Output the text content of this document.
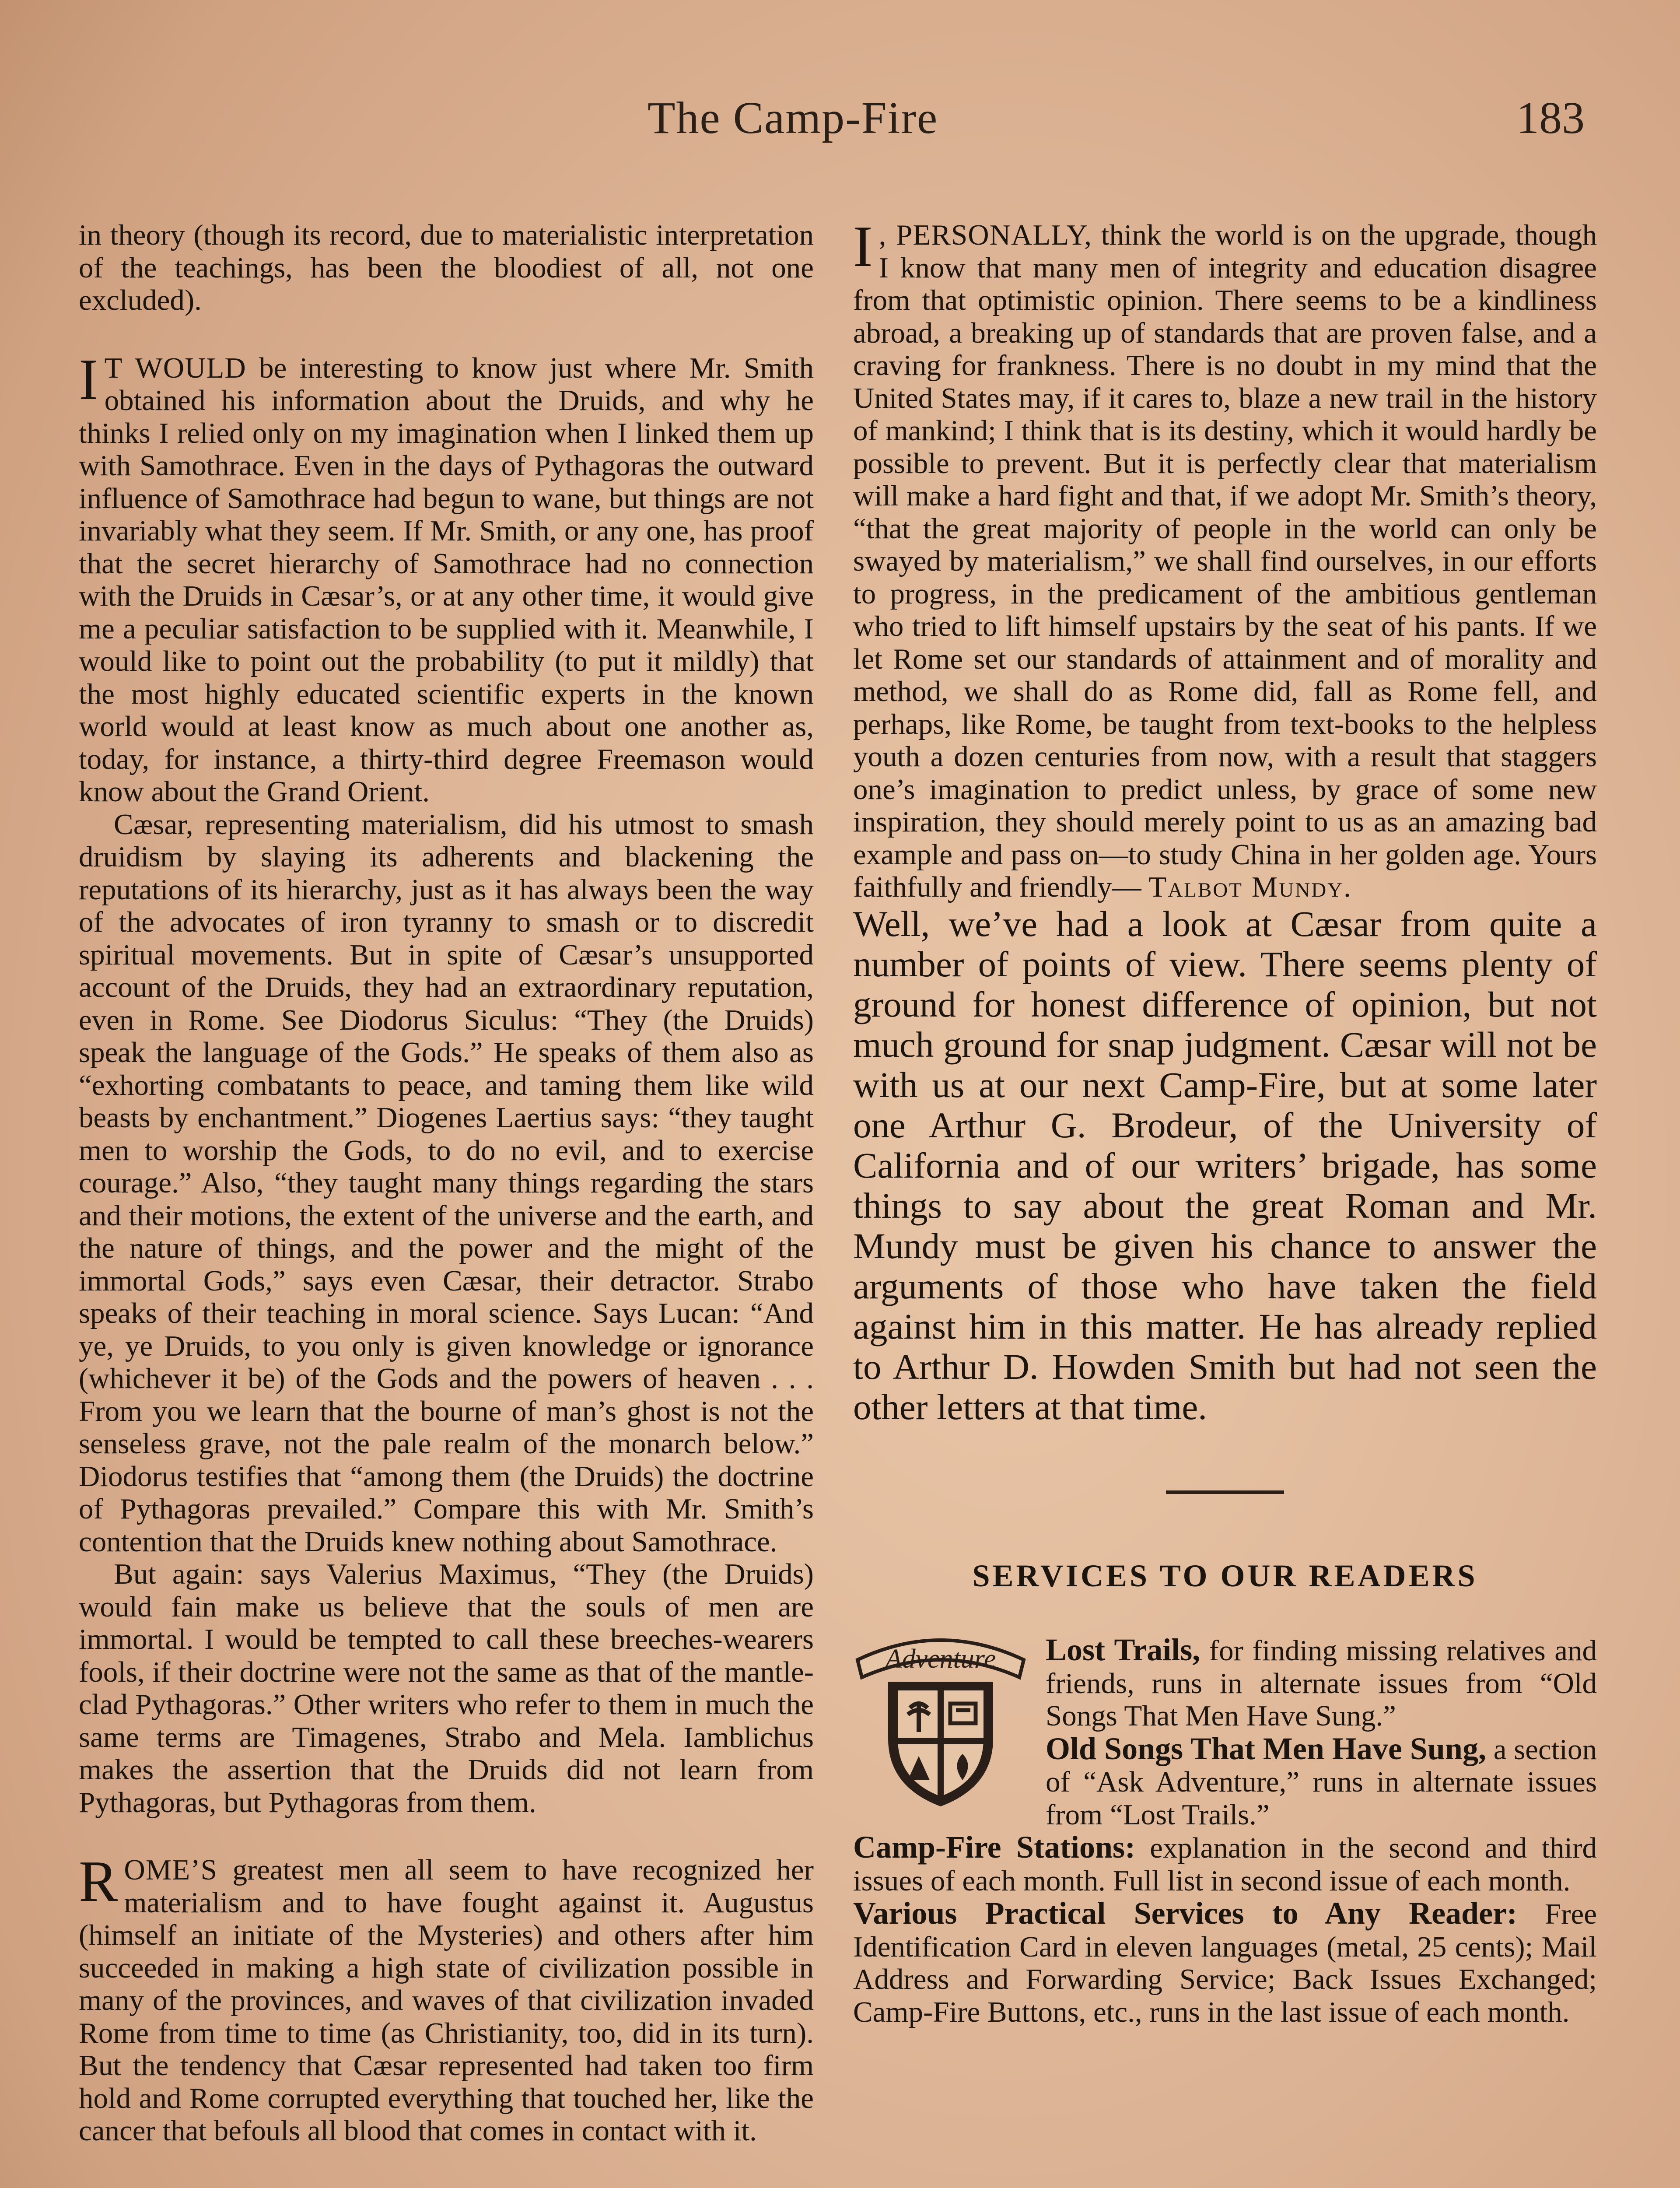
The Camp-Fire	183

in theory (though its record, due to materialistic interpretation of the teachings, has been the bloodiest of all, not one excluded).

I T WOULD be interesting to know just where Mr. Smith obtained his information about the Druids, and why he thinks I relied only on my imagination when I linked them up with Samothrace. Even in the days of Pythagoras the outward influence of Samothrace had begun to wane, but things are not invariably what they seem. If Mr. Smith, or any one, has proof that the secret hierarchy of Samothrace had no connection with the Druids in Cæsar’s, or at any other time, it would give me a peculiar satisfaction to be supplied with it. Meanwhile, I would like to point out the probability (to put it mildly) that the most highly educated scientific experts in the known world would at least know as much about one another as, today, for instance, a thirty-third degree Freemason would know about the Grand Orient.

Cæsar, representing materialism, did his utmost to smash druidism by slaying its adherents and blackening the reputations of its hierarchy, just as it has always been the way of the advocates of iron tyranny to smash or to discredit spiritual movements. But in spite of Cæsar’s unsupported account of the Druids, they had an extraordinary reputation, even in Rome. See Diodorus Siculus: “They (the Druids) speak the language of the Gods.” He speaks of them also as “exhorting combatants to peace, and taming them like wild beasts by enchantment.” Diogenes Laertius says: “they taught men to worship the Gods, to do no evil, and to exercise courage.” Also, “they taught many things regarding the stars and their motions, the extent of the universe and the earth, and the nature of things, and the power and the might of the immortal Gods,” says even Cæsar, their detractor. Strabo speaks of their teaching in moral science. Says Lucan: “And ye, ye Druids, to you only is given knowledge or ignorance (whichever it be) of the Gods and the powers of heaven . . . From you we learn that the bourne of man’s ghost is not the senseless grave, not the pale realm of the monarch below.” Diodorus testifies that “among them (the Druids) the doctrine of Pythagoras prevailed.” Compare this with Mr. Smith’s contention that the Druids knew nothing about Samothrace.

But again: says Valerius Maximus, “They (the Druids) would fain make us believe that the souls of men are immortal. I would be tempted to call these breeches-wearers fools, if their doctrine were not the same as that of the mantle-clad Pythagoras.” Other writers who refer to them in much the same terms are Timagenes, Strabo and Mela. Iamblichus makes the assertion that the Druids did not learn from Pythagoras, but Pythagoras from them.

ROME’S greatest men all seem to have recognized her materialism and to have fought against it. Augustus (himself an initiate of the Mysteries) and others after him succeeded in making a high state of civilization possible in many of the provinces, and waves of that civilization invaded Rome from time to time (as Christianity, too, did in its turn). But the tendency that Cæsar represented had taken too firm hold and Rome corrupted everything that touched her, like the cancer that befouls all blood that comes in contact with it.

I , PERSONALLY, think the world is on the upgrade, though I know that many men of integrity and education disagree from that optimistic opinion. There seems to be a kindliness abroad, a breaking up of standards that are proven false, and a craving for frankness. There is no doubt in my mind that the United States may, if it cares to, blaze a new trail in the history of mankind; I think that is its destiny, which it would hardly be possible to prevent. But it is perfectly clear that materialism will make a hard fight and that, if we adopt Mr. Smith’s theory, “that the great majority of people in the world can only be swayed by materialism,” we shall find ourselves, in our efforts to progress, in the predicament of the ambitious gentleman who tried to lift himself upstairs by the seat of his pants. If we let Rome set our standards of attainment and of morality and method, we shall do as Rome did, fall as Rome fell, and perhaps, like Rome, be taught from text-books to the helpless youth a dozen centuries from now, with a result that staggers one’s imagination to predict unless, by grace of some new inspiration, they should merely point to us as an amazing bad example and pass on—to study China in her golden age. Yours faithfully and friendly— Talbot Mundy.

Well, we’ve had a look at Cæsar from quite a number of points of view. There seems plenty of ground for honest difference of opinion, but not much ground for snap judgment. Cæsar will not be with us at our next Camp-Fire, but at some later one Arthur G. Brodeur, of the University of California and of our writers’ brigade, has some things to say about the great Roman and Mr. Mundy must be given his chance to answer the arguments of those who have taken the field against him in this matter. He has already replied to Arthur D. Howden Smith but had not seen the other letters at that time.

SERVICES TO OUR READERS

Adventure Lost Trails, for finding missing relatives and friends, runs in alternate issues from “Old Songs That Men Have Sung.”

Old Songs That Men Have Sung, a section of “Ask Adventure,” runs in alternate issues from “Lost Trails.”

Camp-Fire Stations: explanation in the second and third issues of each month. Full list in second issue of each month.

Various Practical Services to Any Reader: Free Identification Card in eleven languages (metal, 25 cents); Mail Address and Forwarding Service; Back Issues Exchanged; Camp-Fire Buttons, etc., runs in the last issue of each month.
